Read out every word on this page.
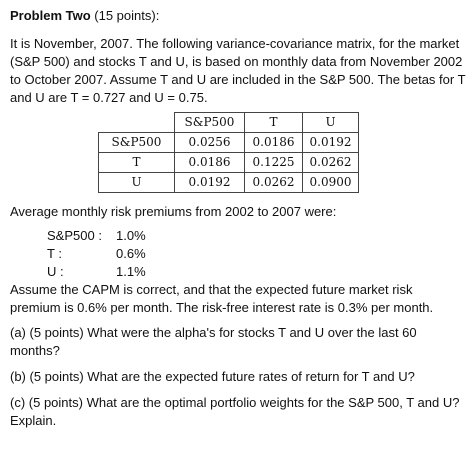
Problem Two (15 points):
It is November, 2007. The following variance-covariance matrix, for the market
(S&P 500) and stocks T and U, is based on monthly data from November 2002
to October 2007. Assume T and U are included in the S&P 500. The betas for T
and U are T = 0.727 and U = 0.75.
	S&P500	T	U
S&P500	0.0256	0.0186	0.0192
T	0.0186	0.1225	0.0262
U	0.0192	0.0262	0.0900
Average monthly risk premiums from 2002 to 2007 were:
S&P500 : 1.0%
T :	0.6%
U :	1.1%
Assume the CAPM is correct, and that the expected future market risk
premium is 0.6% per month. The risk-free interest rate is 0.3% per month.
(a) (5 points) What were the alpha's for stocks T and U over the last 60
months?
(b) (5 points) What are the expected future rates of return for T and U?
(c) (5 points) What are the optimal portfolio weights for the S&P 500, T and U?
Explain.
